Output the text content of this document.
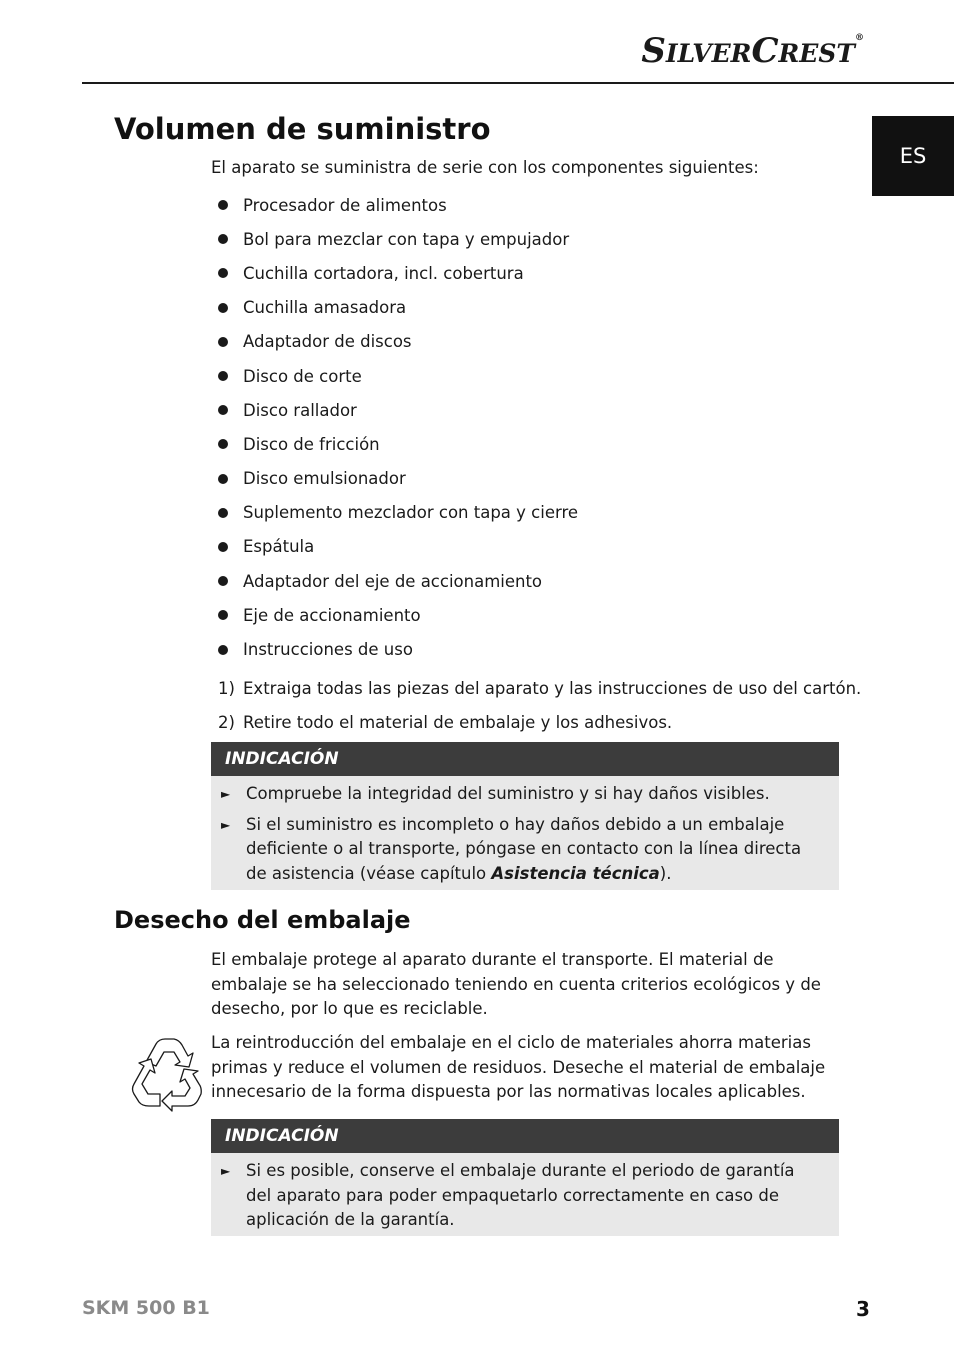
SILVERCREST®
ES
Volumen de suministro

El aparato se suministra de serie con los componentes siguientes:

Procesador de alimentos
Bol para mezclar con tapa y empujador
Cuchilla cortadora, incl. cobertura
Cuchilla amasadora
Adaptador de discos
Disco de corte
Disco rallador
Disco de fricción
Disco emulsionador
Suplemento mezclador con tapa y cierre
Espátula
Adaptador del eje de accionamiento
Eje de accionamiento
Instrucciones de uso
1) Extraiga todas las piezas del aparato y las instrucciones de uso del cartón.
2) Retire todo el material de embalaje y los adhesivos.
INDICACIÓN
► Compruebe la integridad del suministro y si hay daños visibles.
► Si el suministro es incompleto o hay daños debido a un embalaje deficiente o al transporte, póngase en contacto con la línea directa de asistencia (véase capítulo Asistencia técnica).
Desecho del embalaje

El embalaje protege al aparato durante el transporte. El material de embalaje se ha seleccionado teniendo en cuenta criterios ecológicos y de desecho, por lo que es reciclable.

La reintroducción del embalaje en el ciclo de materiales ahorra materias primas y reduce el volumen de residuos. Deseche el material de embalaje innecesario de la forma dispuesta por las normativas locales aplicables.

INDICACIÓN
► Si es posible, conserve el embalaje durante el periodo de garantía del aparato para poder empaquetarlo correctamente en caso de aplicación de la garantía.
SKM 500 B1	3
